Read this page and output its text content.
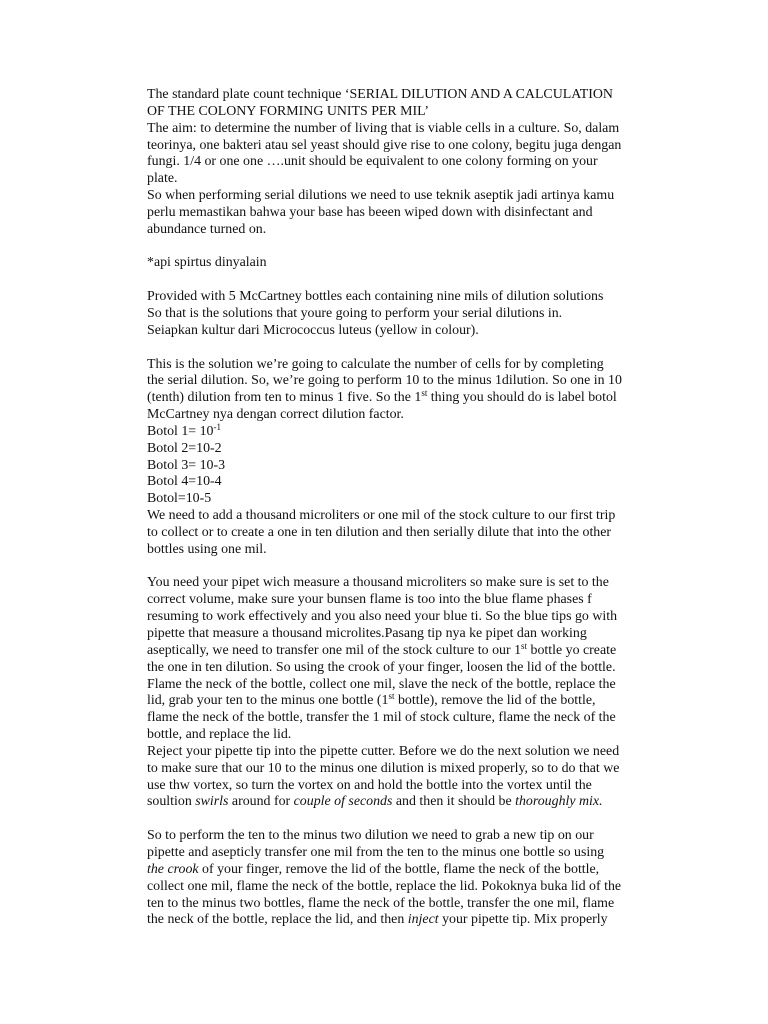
The standard plate count technique ‘SERIAL DILUTION AND A CALCULATION

OF THE COLONY FORMING UNITS PER MIL’

The aim: to determine the number of living that is viable cells in a culture. So, dalam

teorinya, one bakteri atau sel yeast should give rise to one colony, begitu juga dengan

fungi. 1/4 or one one ….unit should be equivalent to one colony forming on your

plate.

So when performing serial dilutions we need to use teknik aseptik jadi artinya kamu

perlu memastikan bahwa your base has beeen wiped down with disinfectant and

abundance turned on.

*api spirtus dinyalain

Provided with 5 McCartney bottles each containing nine mils of dilution solutions

So that is the solutions that youre going to perform your serial dilutions in.

Seiapkan kultur dari Micrococcus luteus (yellow in colour).

This is the solution we’re going to calculate the number of cells for by completing

the serial dilution. So, we’re going to perform 10 to the minus 1dilution. So one in 10

(tenth) dilution from ten to minus 1 five. So the 1st thing you should do is label botol

McCartney nya dengan correct dilution factor.

Botol $1= 10^{-1}$

Botol 2=10-2

Botol 3= 10-3

Botol 4=10-4

Botol=10-5

We need to add a thousand microliters or one mil of the stock culture to our first trip

to collect or to create a one in ten dilution and then serially dilute that into the other

bottles using one mil.

You need your pipet wich measure a thousand microliters so make sure is set to the

correct volume, make sure your bunsen flame is too into the blue flame phases f

resuming to work effectively and you also need your blue ti. So the blue tips go with

pipette that measure a thousand microlites.Pasang tip nya ke pipet dan working

aseptically, we need to transfer one mil of the stock culture to our 1st bottle yo create

the one in ten dilution. So using the crook of your finger, loosen the lid of the bottle.

Flame the neck of the bottle, collect one mil, slave the neck of the bottle, replace the

lid, grab your ten to the minus one bottle (1st bottle), remove the lid of the bottle,

flame the neck of the bottle, transfer the 1 mil of stock culture, flame the neck of the

bottle, and replace the lid.

Reject your pipette tip into the pipette cutter. Before we do the next solution we need

to make sure that our 10 to the minus one dilution is mixed properly, so to do that we

use thw vortex, so turn the vortex on and hold the bottle into the vortex until the

soultion swirls around for couple of seconds and then it should be thoroughly mix.

So to perform the ten to the minus two dilution we need to grab a new tip on our

pipette and asepticly transfer one mil from the ten to the minus one bottle so using

the crook of your finger, remove the lid of the bottle, flame the neck of the bottle,

collect one mil, flame the neck of the bottle, replace the lid. Pokoknya buka lid of the

ten to the minus two bottles, flame the neck of the bottle, transfer the one mil, flame

the neck of the bottle, replace the lid, and then inject your pipette tip. Mix properly
